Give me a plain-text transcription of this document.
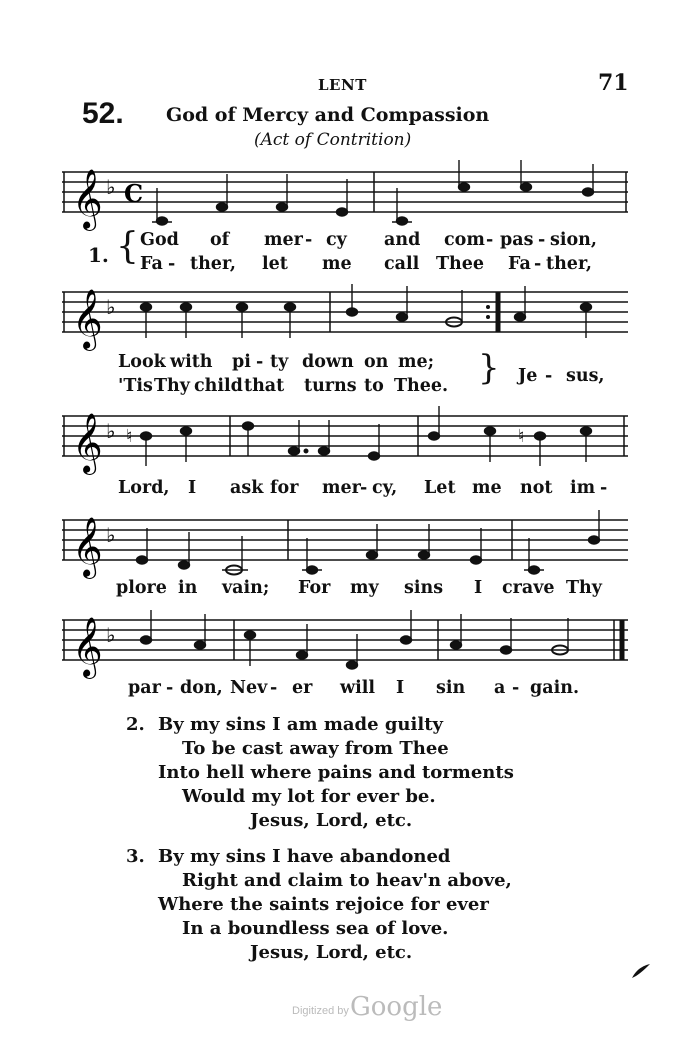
LENT	71
52. God of Mercy and Compassion
(Act of Contrition)
𝄞 ♭ C
𝄞 ♭
𝄞 ♭ ♮	♮
𝄞 ♭
𝄞 ♭
1. { God of mer - cy and com - pas - sion,
Fa - ther, let me call Thee Fa - ther,
Look with pi - ty down on me;
'Tis Thy child that turns to Thee. } Je - sus,
Lord, I ask for mer - cy, Let me not im -
plore in vain; For my sins I crave Thy
par - don, Nev - er will I sin a - gain.
2. By my sins I am made guilty
To be cast away from Thee
Into hell where pains and torments
Would my lot for ever be.
Jesus, Lord, etc.
3. By my sins I have abandoned
Right and claim to heav'n above,
Where the saints rejoice for ever
In a boundless sea of love.
Jesus, Lord, etc.
Digitized by Google
